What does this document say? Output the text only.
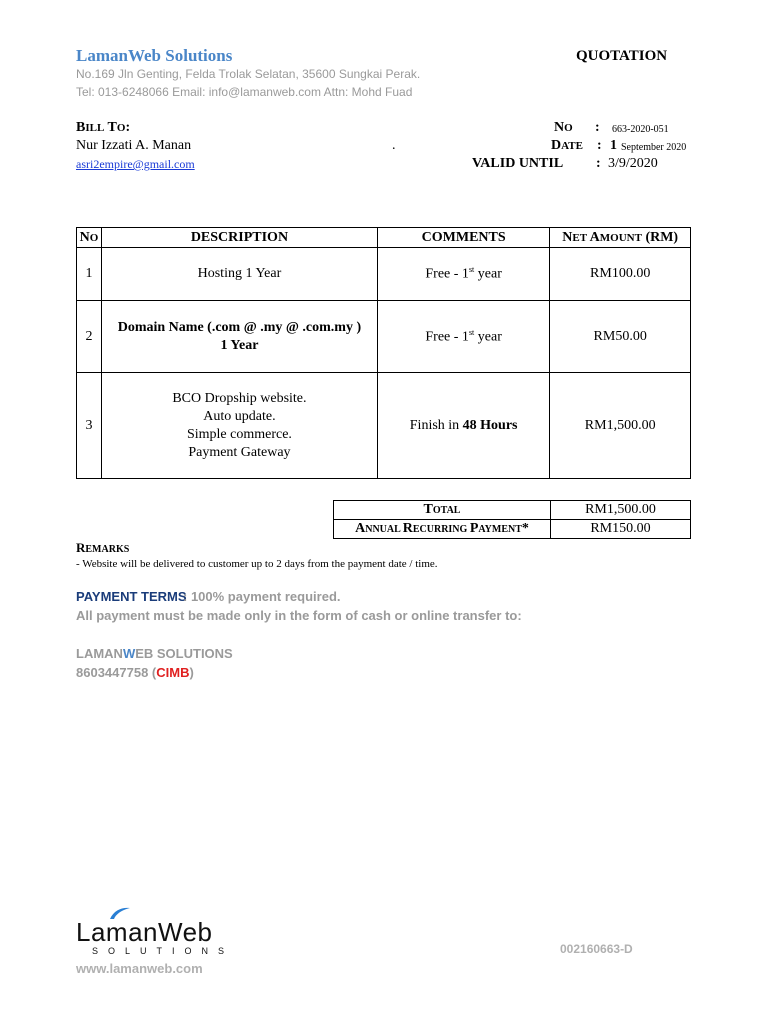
LamanWeb Solutions	QUOTATION
No.169 Jln Genting, Felda Trolak Selatan, 35600 Sungkai Perak.
Tel: 013-6248066 Email: info@lamanweb.com Attn: Mohd Fuad
BILL TO:
Nur Izzati A. Manan	.
asri2empire@gmail.com
NO : 663-2020-051
DATE : 1 September 2020
VALID UNTIL : 3/9/2020
NO	DESCRIPTION	COMMENTS	NET AMOUNT (RM)
1	Hosting 1 Year	Free - 1st year	RM100.00
2	Domain Name (.com @ .my @ .com.my )
1 Year	Free - 1st year	RM50.00
3	BCO Dropship website.
Auto update.
Simple commerce.
Payment Gateway	Finish in 48 Hours	RM1,500.00
TOTAL	RM1,500.00
ANNUAL RECURRING PAYMENT*	RM150.00
REMARKS
- Website will be delivered to customer up to 2 days from the payment date / time.
PAYMENT TERMS
: 100% payment required.
All payment must be made only in the form of cash or online transfer to:
LAMANWEB SOLUTIONS
8603447758 (CIMB)
LamanWeb
SOLUTIONS
www.lamanweb.com
002160663-D
